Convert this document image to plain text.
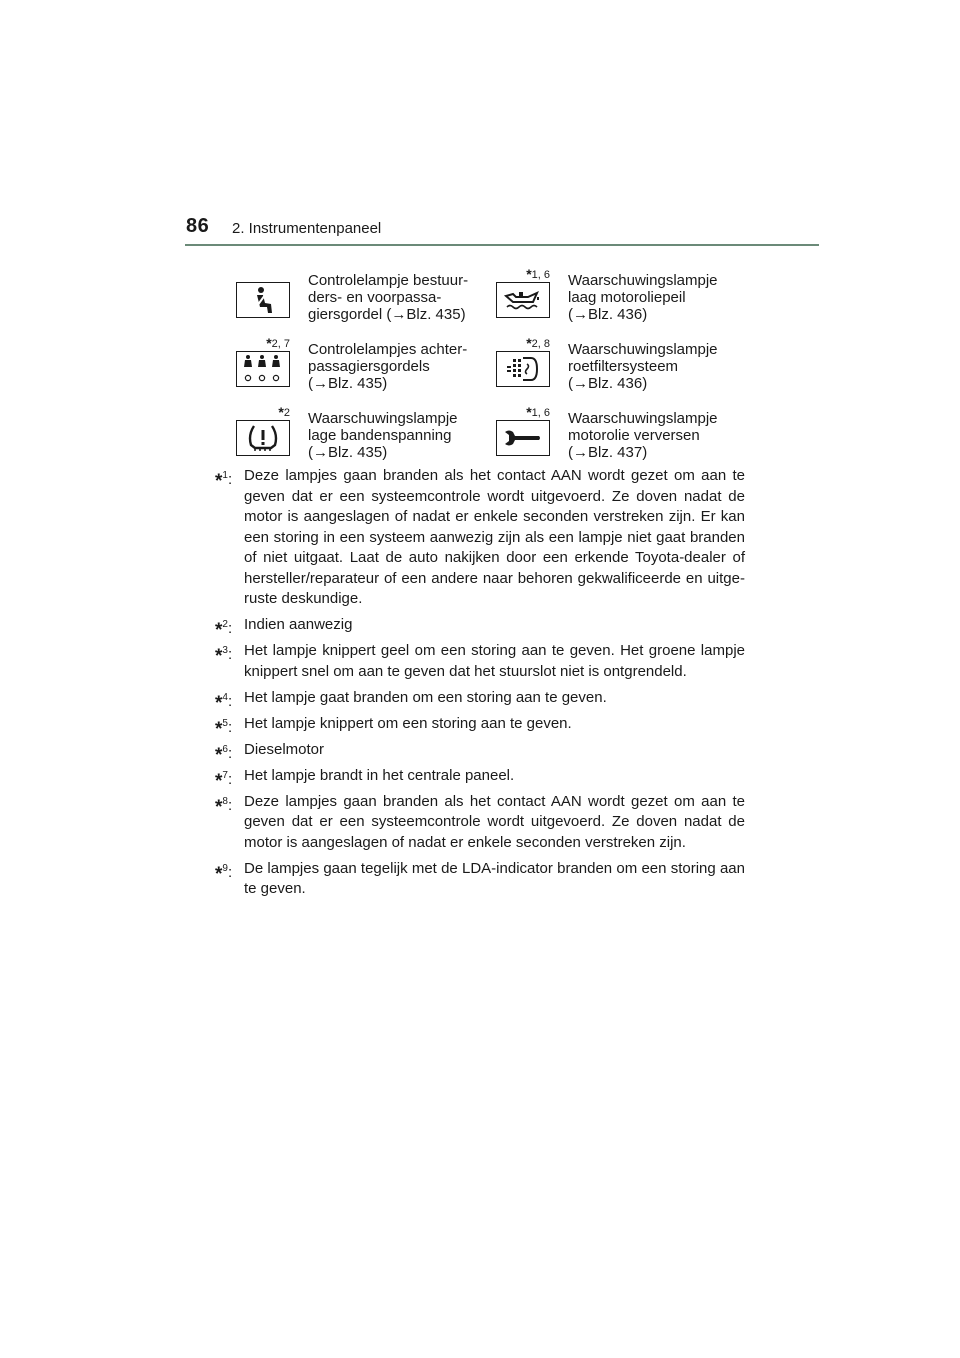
86 2. Instrumentenpaneel
Controlelampje bestuur-
ders- en voorpassa-
giersgordel (→Blz. 435)
*1, 6 Waarschuwingslampje
laag motoroliepeil
(→Blz. 436)
*2, 7 Controlelampjes achter-
passagiersgordels
(→Blz. 435)
*2, 8 Waarschuwingslampje
roetfiltersysteem
(→Blz. 436)
*2 Waarschuwingslampje
lage bandenspanning
(→Blz. 435)
*1, 6 Waarschuwingslampje
motorolie verversen
(→Blz. 437)
*$^1$: Deze lampjes gaan branden als het contact AAN wordt gezet om aan te geven dat er een systeemcontrole wordt uitgevoerd. Ze doven nadat de motor is aangeslagen of nadat er enkele seconden verstreken zijn. Er kan een storing in een systeem aanwezig zijn als een lampje niet gaat branden of niet uitgaat. Laat de auto nakijken door een erkende Toyota-dealer of hersteller/reparateur of een andere naar behoren gekwalificeerde en uitge-ruste deskundige.
*$^2$: Indien aanwezig
*$^3$: Het lampje knippert geel om een storing aan te geven. Het groene lampje knippert snel om aan te geven dat het stuurslot niet is ontgrendeld.
*$^4$: Het lampje gaat branden om een storing aan te geven.
*$^5$: Het lampje knippert om een storing aan te geven.
*$^6$: Dieselmotor
*$^7$: Het lampje brandt in het centrale paneel.
*$^8$: Deze lampjes gaan branden als het contact AAN wordt gezet om aan te geven dat er een systeemcontrole wordt uitgevoerd. Ze doven nadat de motor is aangeslagen of nadat er enkele seconden verstreken zijn.
*$^9$: De lampjes gaan tegelijk met de LDA-indicator branden om een storing aan te geven.
